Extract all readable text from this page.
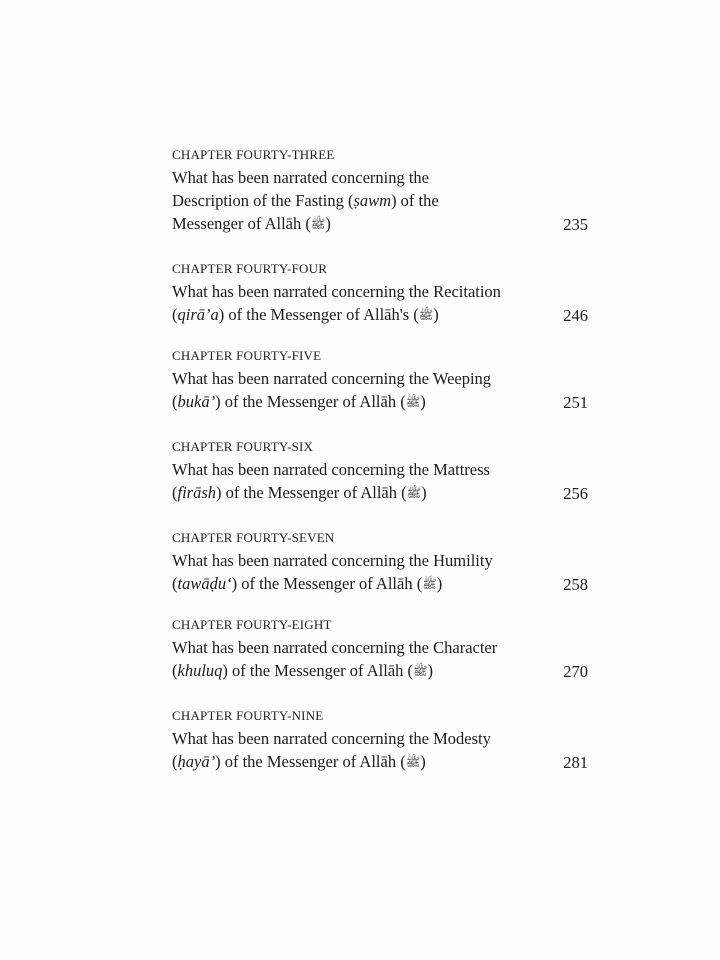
CHAPTER FOURTY-THREE
What has been narrated concerning the
Description of the Fasting (ṣawm) of the
Messenger of Allāh (ﷺ)	235
CHAPTER FOURTY-FOUR
What has been narrated concerning the Recitation
(qirā’a) of the Messenger of Allāh's (ﷺ)	246
CHAPTER FOURTY-FIVE
What has been narrated concerning the Weeping
(bukā’) of the Messenger of Allāh (ﷺ)	251
CHAPTER FOURTY-SIX
What has been narrated concerning the Mattress
(firāsh) of the Messenger of Allāh (ﷺ)	256
CHAPTER FOURTY-SEVEN
What has been narrated concerning the Humility
(tawāḍu‘) of the Messenger of Allāh (ﷺ)	258
CHAPTER FOURTY-EIGHT
What has been narrated concerning the Character
(khuluq) of the Messenger of Allāh (ﷺ)	270
CHAPTER FOURTY-NINE
What has been narrated concerning the Modesty
(ḥayā’) of the Messenger of Allāh (ﷺ)	281
